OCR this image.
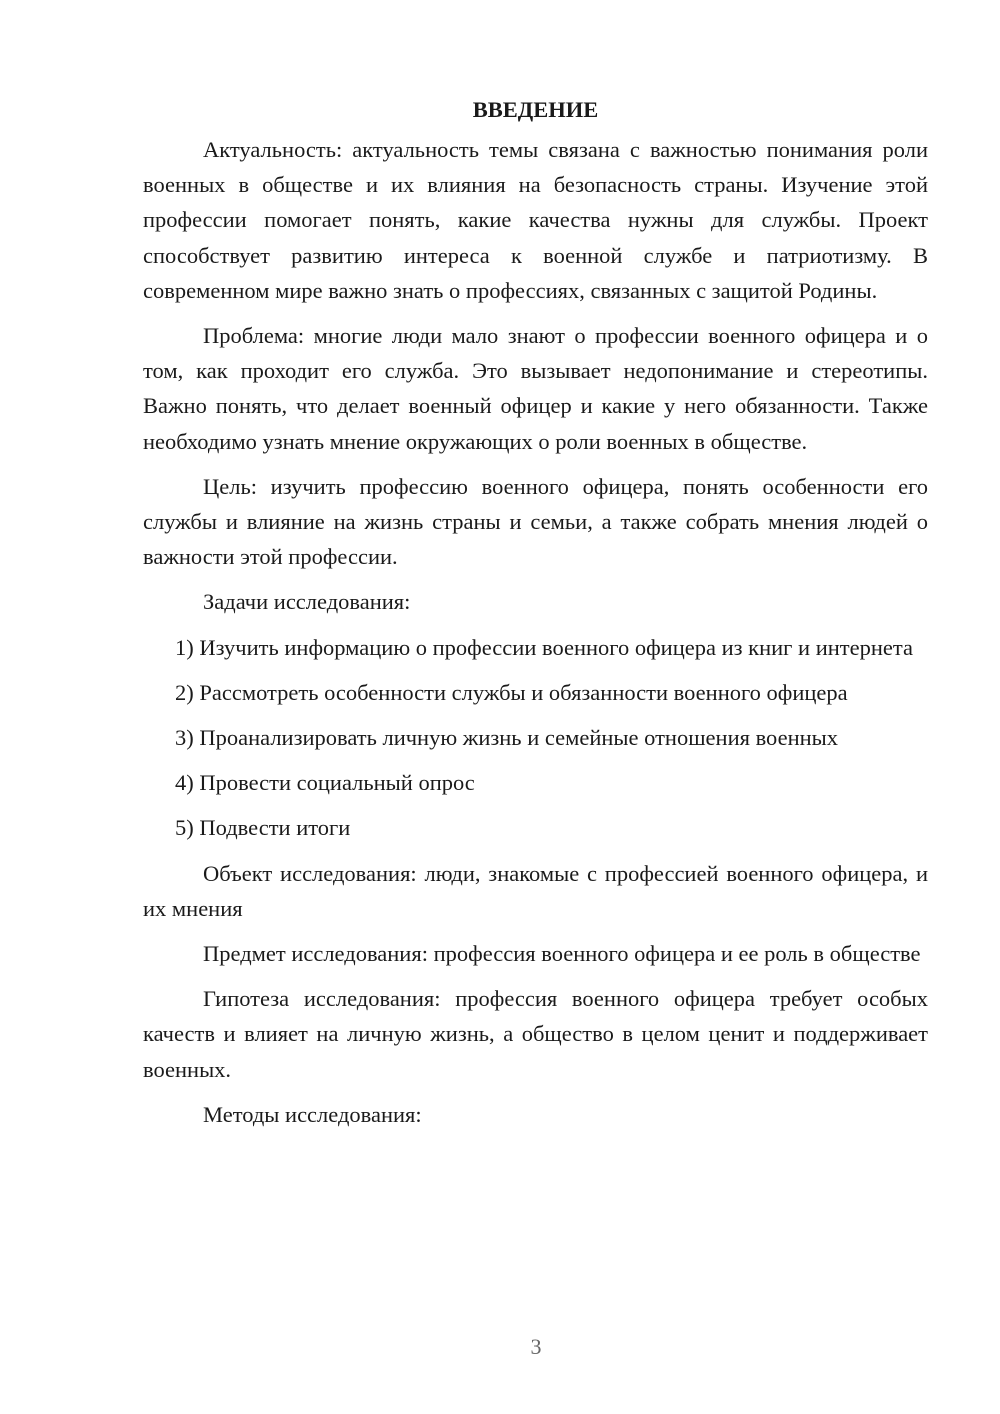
ВВЕДЕНИЕ

Актуальность: актуальность темы связана с важностью понимания роли военных в обществе и их влияния на безопасность страны. Изучение этой профессии помогает понять, какие качества нужны для службы. Проект способствует развитию интереса к военной службе и патриотизму. В современном мире важно знать о профессиях, связанных с защитой Родины.

Проблема: многие люди мало знают о профессии военного офицера и о том, как проходит его служба. Это вызывает недопонимание и стереотипы. Важно понять, что делает военный офицер и какие у него обязанности. Также необходимо узнать мнение окружающих о роли военных в обществе.

Цель: изучить профессию военного офицера, понять особенности его службы и влияние на жизнь страны и семьи, а также собрать мнения людей о важности этой профессии.

Задачи исследования:

1) Изучить информацию о профессии военного офицера из книг и интернета

2) Рассмотреть особенности службы и обязанности военного офицера

3) Проанализировать личную жизнь и семейные отношения военных

4) Провести социальный опрос

5) Подвести итоги

Объект исследования: люди, знакомые с профессией военного офицера, и их мнения

Предмет исследования: профессия военного офицера и ее роль в обществе

Гипотеза исследования: профессия военного офицера требует особых качеств и влияет на личную жизнь, а общество в целом ценит и поддерживает военных.

Методы исследования:

3
